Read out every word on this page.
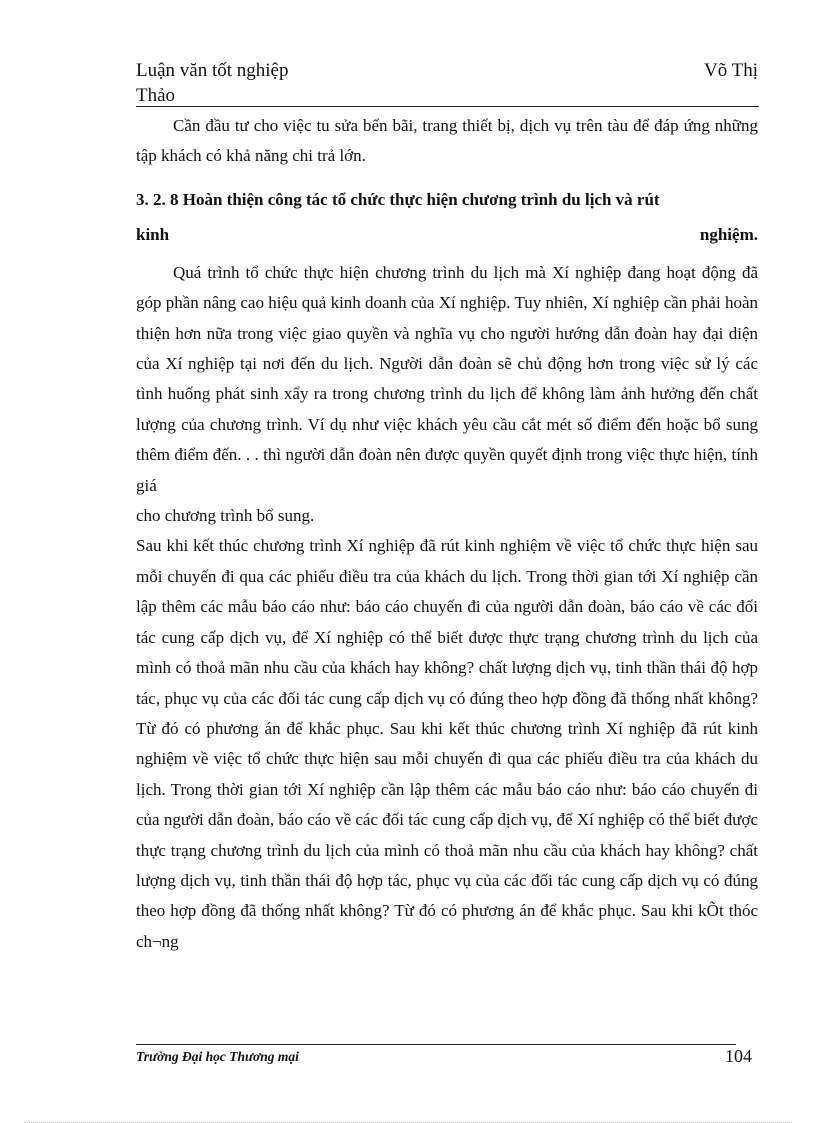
Luận văn tốt nghiệp	Võ Thị
Thảo

Cần đầu tư cho việc tu sửa bến bãi, trang thiết bị, dịch vụ trên tàu để đáp ứng những tập khách có khả năng chi trả lớn.

3. 2. 8 Hoàn thiện công tác tổ chức thực hiện chương trình du lịch và rút
kinh nghiệm.

Quá trình tổ chức thực hiện chương trình du lịch mà Xí nghiệp đang hoạt động đã góp phần nâng cao hiệu quả kinh doanh của Xí nghiệp. Tuy nhiên, Xí nghiệp cần phải hoàn thiện hơn nữa trong việc giao quyền và nghĩa vụ cho người hướng dẫn đoàn hay đại diện của Xí nghiệp tại nơi đến du lịch. Người dẫn đoàn sẽ chủ động hơn trong việc sử lý các tình huống phát sinh xẩy ra trong chương trình du lịch để không làm ảnh hưởng đến chất lượng của chương trình. Ví dụ như việc khách yêu cầu cắt mét số điểm đến hoặc bổ sung thêm điểm đến. . . thì người dẫn đoàn nên được quyền quyết định trong việc thực hiện, tính giá

cho chương trình bổ sung.

Sau khi kết thúc chương trình Xí nghiệp đã rút kinh nghiệm về việc tổ chức thực hiện sau mỗi chuyến đi qua các phiếu điều tra của khách du lịch. Trong thời gian tới Xí nghiệp cần lập thêm các mẫu báo cáo như: báo cáo chuyến đi của người dẫn đoàn, báo cáo về các đối tác cung cấp dịch vụ, để Xí nghiệp có thể biết được thực trạng chương trình du lịch của mình có thoả mãn nhu cầu của khách hay không? chất lượng dịch vụ, tinh thần thái độ hợp tác, phục vụ của các đối tác cung cấp dịch vụ có đúng theo hợp đồng đã thống nhất không? Từ đó có phương án để khắc phục. Sau khi kết thúc chương trình Xí nghiệp đã rút kinh nghiệm về việc tổ chức thực hiện sau mỗi chuyến đi qua các phiếu điều tra của khách du lịch. Trong thời gian tới Xí nghiệp cần lập thêm các mẫu báo cáo như: báo cáo chuyến đi của người dẫn đoàn, báo cáo về các đối tác cung cấp dịch vụ, để Xí nghiệp có thể biết được thực trạng chương trình du lịch của mình có thoả mãn nhu cầu của khách hay không? chất lượng dịch vụ, tinh thần thái độ hợp tác, phục vụ của các đối tác cung cấp dịch vụ có đúng theo hợp đồng đã thống nhất không? Từ đó có phương án để khắc phục. Sau khi kÕt thóc ch¬ng

Trường Đại học Thương mại	104
